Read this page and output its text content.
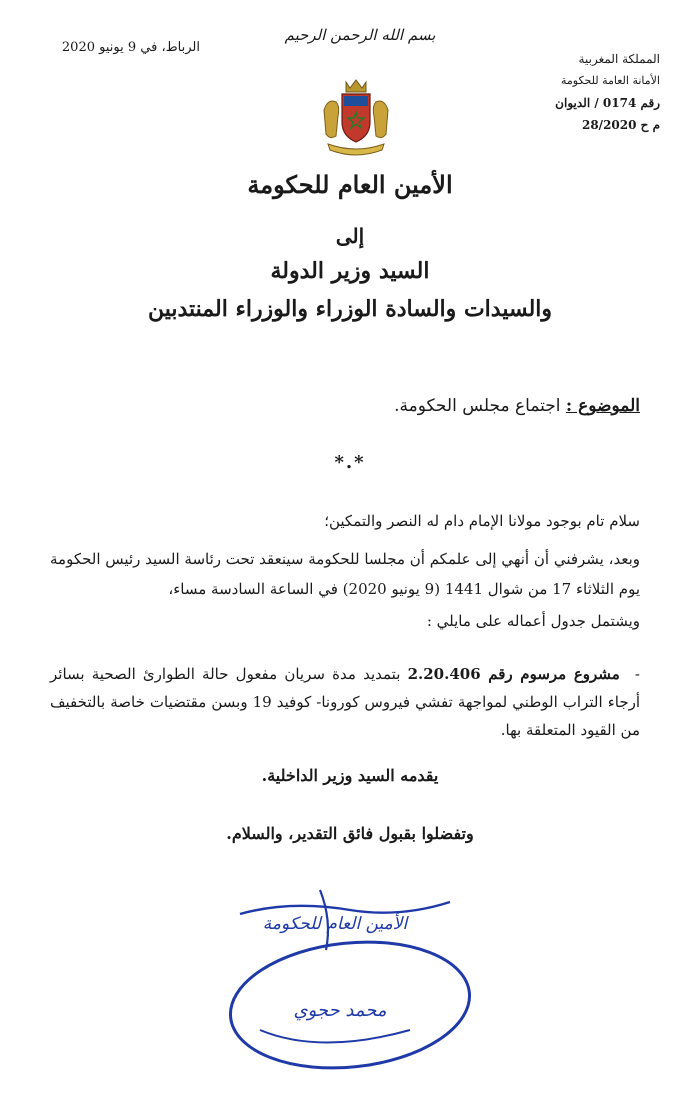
بسم الله الرحمن الرحيم
الرباط، في 9 يونيو 2020
المملكة المغربية
الأمانة العامة للحكومة
رقم 0174 / الديوان
م ح 28/2020
الأمين العام للحكومة
إلى
السيد وزير الدولة
والسيدات والسادة الوزراء والوزراء المنتدبين
الموضوع : اجتماع مجلس الحكومة.
*.*
سلام تام بوجود مولانا الإمام دام له النصر والتمكين؛
وبعد، يشرفني أن أنهي إلى علمكم أن مجلسا للحكومة سينعقد تحت رئاسة السيد رئيس الحكومة يوم الثلاثاء 17 من شوال 1441 (9 يونيو 2020) في الساعة السادسة مساء،
ويشتمل جدول أعماله على مايلي :
- مشروع مرسوم رقم 2.20.406 بتمديد مدة سريان مفعول حالة الطوارئ الصحية بسائر أرجاء التراب الوطني لمواجهة تفشي فيروس كورونا- كوفيد 19 وبسن مقتضيات خاصة بالتخفيف من القيود المتعلقة بها.
يقدمه السيد وزير الداخلية.
وتفضلوا بقبول فائق التقدير، والسلام.
الأمين العام للحكومة
محمد حجوي
